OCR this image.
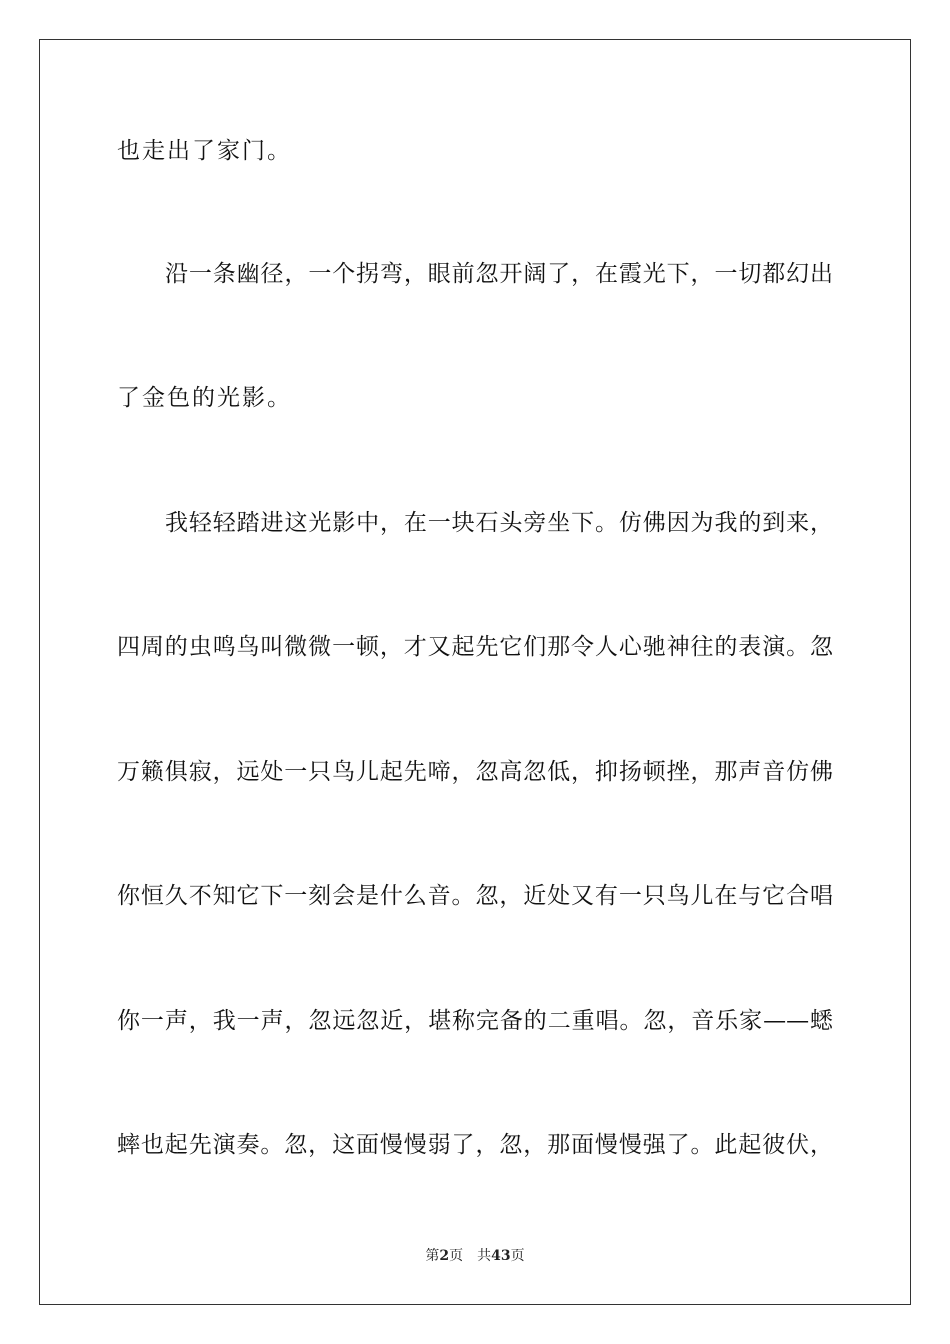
也走出了家门。
沿一条幽径，一个拐弯，眼前忽开阔了，在霞光下，一切都幻出
了金色的光影。
我轻轻踏进这光影中，在一块石头旁坐下。仿佛因为我的到来，
四周的虫鸣鸟叫微微一顿，才又起先它们那令人心驰神往的表演。忽
万籁俱寂，远处一只鸟儿起先啼，忽高忽低，抑扬顿挫，那声音仿佛
你恒久不知它下一刻会是什么音。忽，近处又有一只鸟儿在与它合唱
你一声，我一声，忽远忽近，堪称完备的二重唱。忽，音乐家——蟋
蟀也起先演奏。忽，这面慢慢弱了，忽，那面慢慢强了。此起彼伏，
第2页 共43页
